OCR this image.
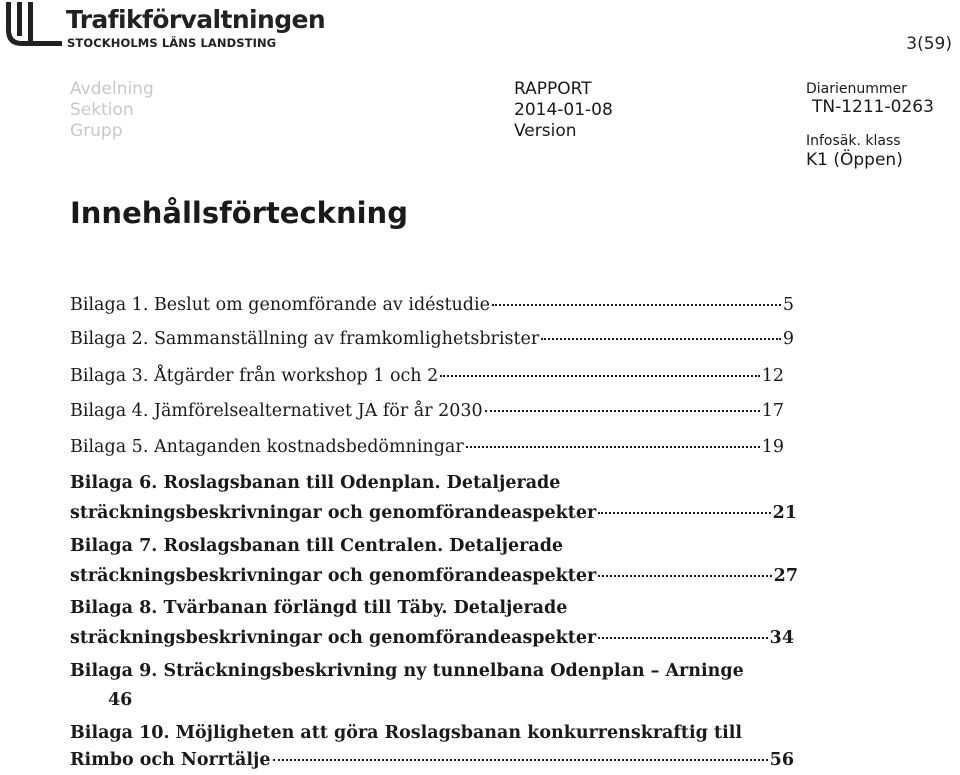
Trafikförvaltningen
STOCKHOLMS LÄNS LANDSTING	3(59)
Avdelning
Sektion
Grupp
RAPPORT
2014-01-08
Version
Diarienummer
TN-1211-0263
Infosäk. klass
K1 (Öppen)
Innehållsförteckning
Bilaga 1. Beslut om genomförande av idéstudie	5
Bilaga 2. Sammanställning av framkomlighetsbrister	9
Bilaga 3. Åtgärder från workshop 1 och 2	12
Bilaga 4. Jämförelsealternativet JA för år 2030	17
Bilaga 5. Antaganden kostnadsbedömningar	19
Bilaga 6. Roslagsbanan till Odenplan. Detaljerade
sträckningsbeskrivningar och genomförandeaspekter	21
Bilaga 7. Roslagsbanan till Centralen. Detaljerade
sträckningsbeskrivningar och genomförandeaspekter	27
Bilaga 8. Tvärbanan förlängd till Täby. Detaljerade
sträckningsbeskrivningar och genomförandeaspekter	34
Bilaga 9. Sträckningsbeskrivning ny tunnelbana Odenplan – Arninge
46
Bilaga 10. Möjligheten att göra Roslagsbanan konkurrenskraftig till
Rimbo och Norrtälje	56
